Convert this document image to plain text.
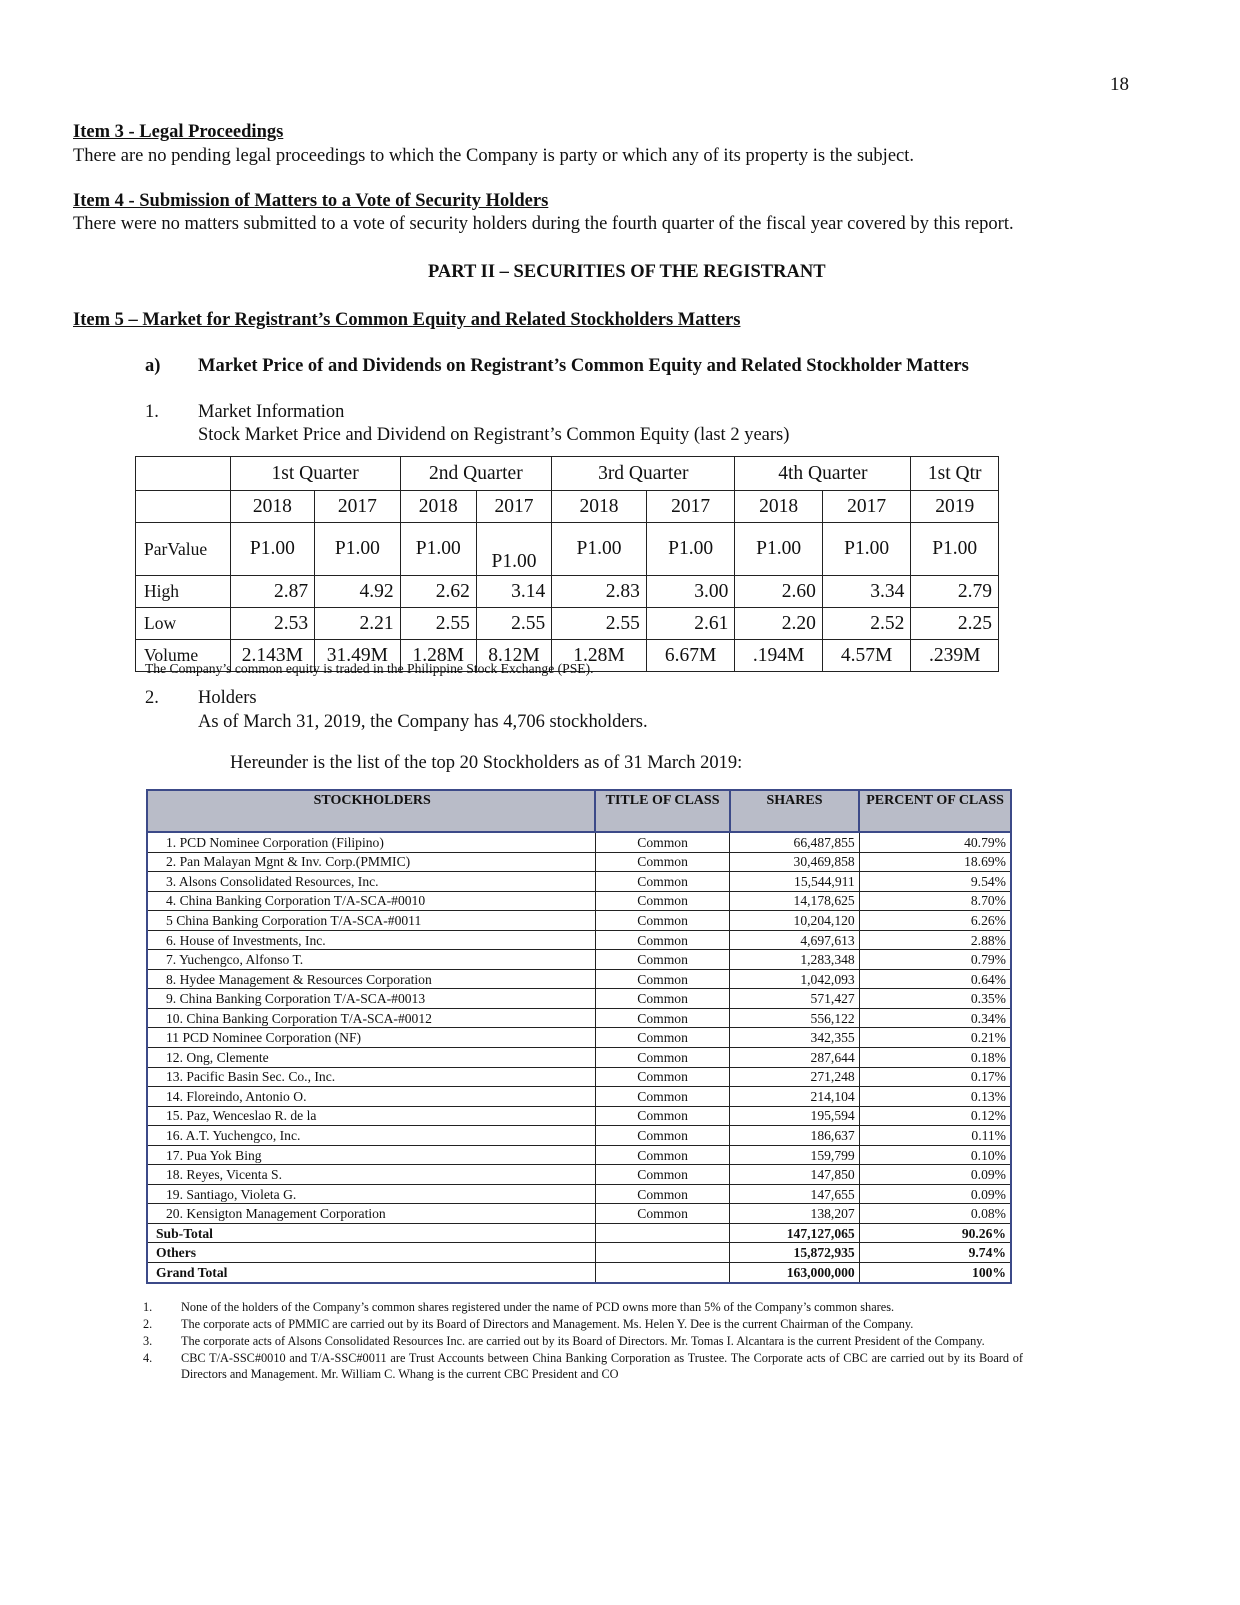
18
Item 3 - Legal Proceedings
There are no pending legal proceedings to which the Company is party or which any of its property is the subject.
Item 4 - Submission of Matters to a Vote of Security Holders
There were no matters submitted to a vote of security holders during the fourth quarter of the fiscal year covered by this report.
PART II – SECURITIES OF THE REGISTRANT
Item 5 – Market for Registrant’s Common Equity and Related Stockholders Matters
a) Market Price of and Dividends on Registrant’s Common Equity and Related Stockholder Matters
1. Market Information
Stock Market Price and Dividend on Registrant’s Common Equity (last 2 years)
	1st Quarter		2nd Quarter		3rd Quarter		4th Quarter		1st Qtr
	2018	2017	2018	2017	2018	2017	2018	2017	2019
ParValue	P1.00	P1.00	P1.00	P1.00	P1.00	P1.00	P1.00	P1.00	P1.00
High	2.87	4.92	2.62	3.14	2.83	3.00	2.60	3.34	2.79
Low	2.53	2.21	2.55	2.55	2.55	2.61	2.20	2.52	2.25
Volume	2.143M	31.49M	1.28M	8.12M	1.28M	6.67M	.194M	4.57M	.239M
The Company’s common equity is traded in the Philippine Stock Exchange (PSE).
2. Holders
As of March 31, 2019, the Company has 4,706 stockholders.
Hereunder is the list of the top 20 Stockholders as of 31 March 2019:
STOCKHOLDERS	TITLE OF CLASS	SHARES	PERCENT OF CLASS
1. PCD Nominee Corporation (Filipino)	Common	66,487,855	40.79%
2. Pan Malayan Mgnt & Inv. Corp.(PMMIC)	Common	30,469,858	18.69%
3. Alsons Consolidated Resources, Inc.	Common	15,544,911	9.54%
4. China Banking Corporation T/A-SCA-#0010	Common	14,178,625	8.70%
5 China Banking Corporation T/A-SCA-#0011	Common	10,204,120	6.26%
6. House of Investments, Inc.	Common	4,697,613	2.88%
7. Yuchengco, Alfonso T.	Common	1,283,348	0.79%
8. Hydee Management & Resources Corporation	Common	1,042,093	0.64%
9. China Banking Corporation T/A-SCA-#0013	Common	571,427	0.35%
10. China Banking Corporation T/A-SCA-#0012	Common	556,122	0.34%
11 PCD Nominee Corporation (NF)	Common	342,355	0.21%
12. Ong, Clemente	Common	287,644	0.18%
13. Pacific Basin Sec. Co., Inc.	Common	271,248	0.17%
14. Floreindo, Antonio O.	Common	214,104	0.13%
15. Paz, Wenceslao R. de la	Common	195,594	0.12%
16. A.T. Yuchengco, Inc.	Common	186,637	0.11%
17. Pua Yok Bing	Common	159,799	0.10%
18. Reyes, Vicenta S.	Common	147,850	0.09%
19. Santiago, Violeta G.	Common	147,655	0.09%
20. Kensigton Management Corporation	Common	138,207	0.08%
Sub-Total		147,127,065	90.26%
Others		15,872,935	9.74%
Grand Total		163,000,000	100%
1.	None of the holders of the Company’s common shares registered under the name of PCD owns more than 5% of the Company’s common shares.
2.	The corporate acts of PMMIC are carried out by its Board of Directors and Management. Ms. Helen Y. Dee is the current Chairman of the Company.
3.	The corporate acts of Alsons Consolidated Resources Inc. are carried out by its Board of Directors. Mr. Tomas I. Alcantara is the current President of the Company.
4.	CBC T/A-SSC#0010 and T/A-SSC#0011 are Trust Accounts between China Banking Corporation as Trustee. The Corporate acts of CBC are carried out by its Board of Directors and Management. Mr. William C. Whang is the current CBC President and CO
